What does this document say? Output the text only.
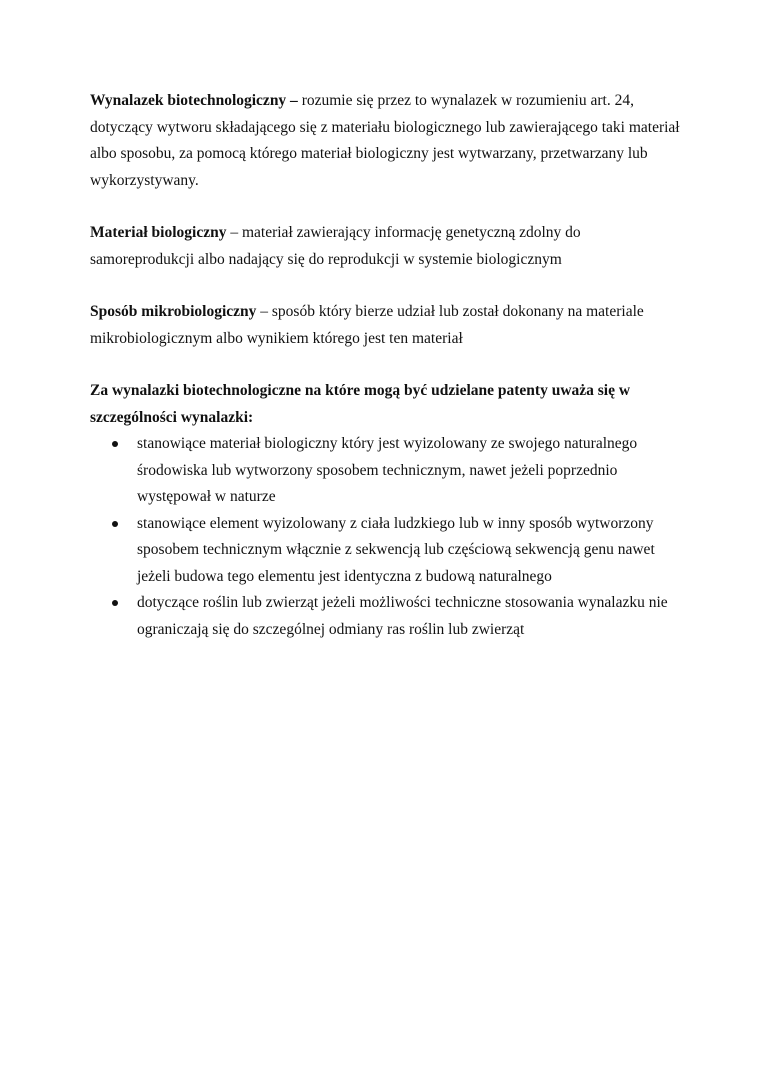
Wynalazek biotechnologiczny – rozumie się przez to wynalazek w rozumieniu art. 24, dotyczący wytworu składającego się z materiału biologicznego lub zawierającego taki materiał albo sposobu, za pomocą którego materiał biologiczny jest wytwarzany, przetwarzany lub wykorzystywany.

Materiał biologiczny – materiał zawierający informację genetyczną zdolny do samoreprodukcji albo nadający się do reprodukcji w systemie biologicznym

Sposób mikrobiologiczny – sposób który bierze udział lub został dokonany na materiale mikrobiologicznym albo wynikiem którego jest ten materiał

Za wynalazki biotechnologiczne na które mogą być udzielane patenty uważa się w szczególności wynalazki:

stanowiące materiał biologiczny który jest wyizolowany ze swojego naturalnego środowiska lub wytworzony sposobem technicznym, nawet jeżeli poprzednio występował w naturze
stanowiące element wyizolowany z ciała ludzkiego lub w inny sposób wytworzony sposobem technicznym włącznie z sekwencją lub częściową sekwencją genu nawet jeżeli budowa tego elementu jest identyczna z budową naturalnego
dotyczące roślin lub zwierząt jeżeli możliwości techniczne stosowania wynalazku nie ograniczają się do szczególnej odmiany ras roślin lub zwierząt
